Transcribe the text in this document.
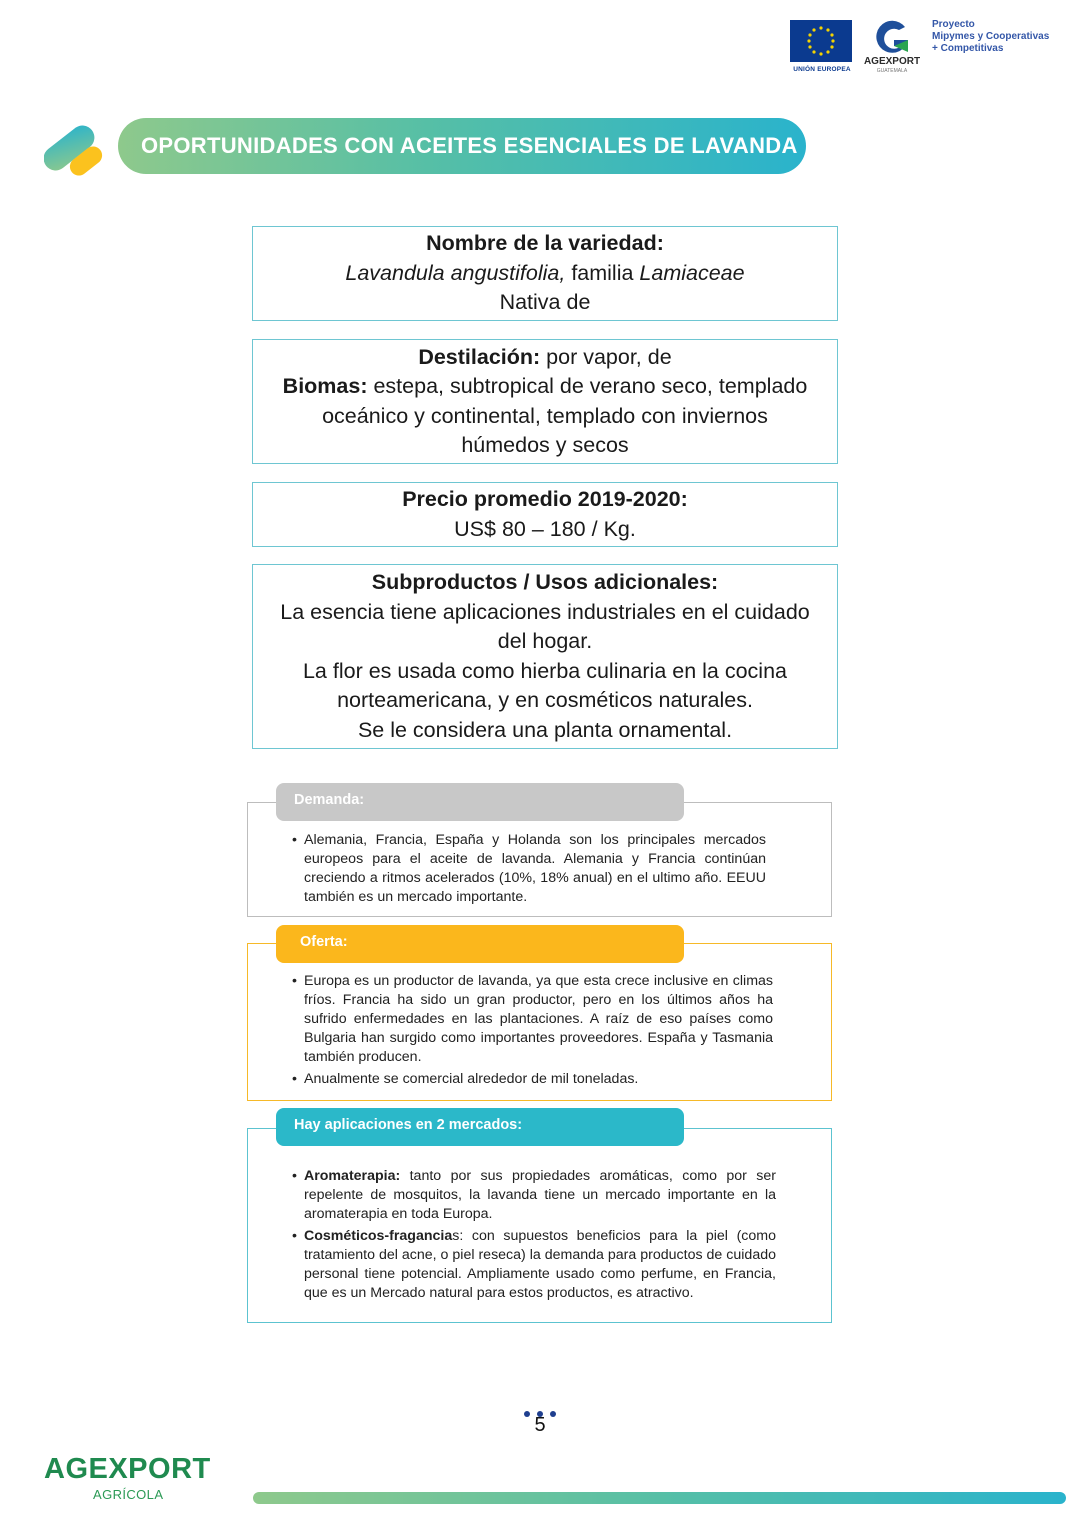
UNIÓN EUROPEA
AGEXPORT
GUATEMALA
Proyecto
Mipymes y Cooperativas
+ Competitivas
OPORTUNIDADES CON ACEITES ESENCIALES DE LAVANDA
Nombre de la variedad:
Lavandula angustifolia, familia Lamiaceae
Nativa de
Destilación: por vapor, de
Biomas: estepa, subtropical de verano seco, templado
oceánico y continental, templado con inviernos
húmedos y secos
Precio promedio 2019-2020:
US$ 80 – 180 / Kg.
Subproductos / Usos adicionales:
La esencia tiene aplicaciones industriales en el cuidado
del hogar.
La flor es usada como hierba culinaria en la cocina
norteamericana, y en cosméticos naturales.
Se le considera una planta ornamental.
• Alemania, Francia, España y Holanda son los principales mercados europeos para el aceite de lavanda. Alemania y Francia continúan creciendo a ritmos acelerados (10%, 18% anual) en el ultimo año. EEUU también es un mercado importante.
Demanda:
• Europa es un productor de lavanda, ya que esta crece inclusive en climas fríos. Francia ha sido un gran productor, pero en los últimos años ha sufrido enfermedades en las plantaciones. A raíz de eso países como Bulgaria han surgido como importantes proveedores. España y Tasmania también producen.
• Anualmente se comercial alrededor de mil toneladas.
Oferta:
• Aromaterapia: tanto por sus propiedades aromáticas, como por ser repelente de mosquitos, la lavanda tiene un mercado importante en la aromaterapia en toda Europa.
• Cosméticos-fragancias: con supuestos beneficios para la piel (como tratamiento del acne, o piel reseca) la demanda para productos de cuidado personal tiene potencial. Ampliamente usado como perfume, en Francia, que es un Mercado natural para estos productos, es atractivo.
Hay aplicaciones en 2 mercados:
5
AGEXPORT
AGRÍCOLA
